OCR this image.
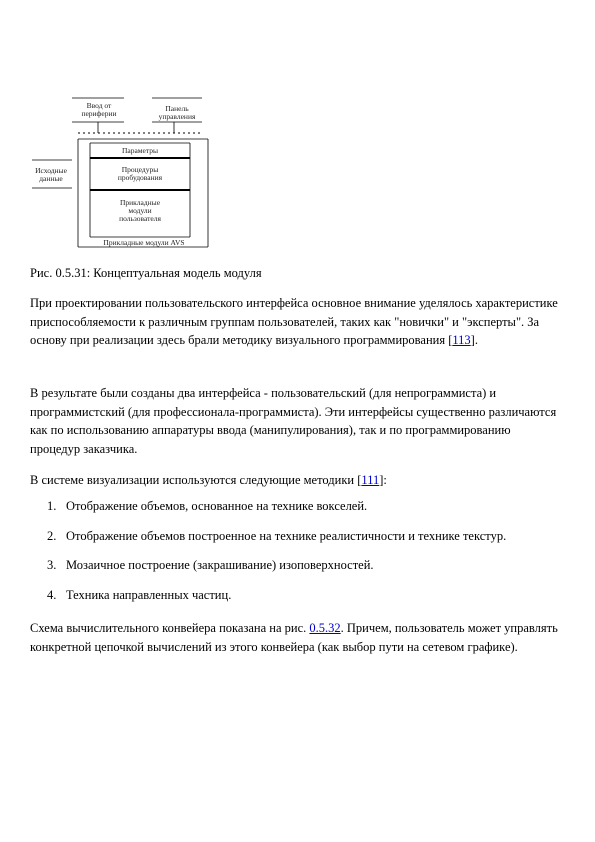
Ввод от периферии
Панель управления
Исходные данные
Параметры
Процедуры пробудования
Прикладные модули пользователя
Прикладные модули AVS

Рис. 0.5.31: Концептуальная модель модуля

При проектировании пользовательского интерфейса основное внимание уделялось характеристике приспособляемости к различным группам пользователей, таких как "новички" и "эксперты". За основу при реализации здесь брали методику визуального программирования [113].

В результате были созданы два интерфейса - пользовательский (для непрограммиста) и программистский (для профессионала-программиста). Эти интерфейсы существенно различаются как по использованию аппаратуры ввода (манипулирования), так и по программированию процедур заказчика.

В системе визуализации используются следующие методики [111]:

1. Отображение объемов, основанное на технике вокселей.
2. Отображение объемов построенное на технике реалистичности и технике текстур.
3. Мозаичное построение (закрашивание) изоповерхностей.
4. Техника направленных частиц.

Схема вычислительного конвейера показана на рис. 0.5.32. Причем, пользователь может управлять конкретной цепочкой вычислений из этого конвейера (как выбор пути на сетевом графике).
